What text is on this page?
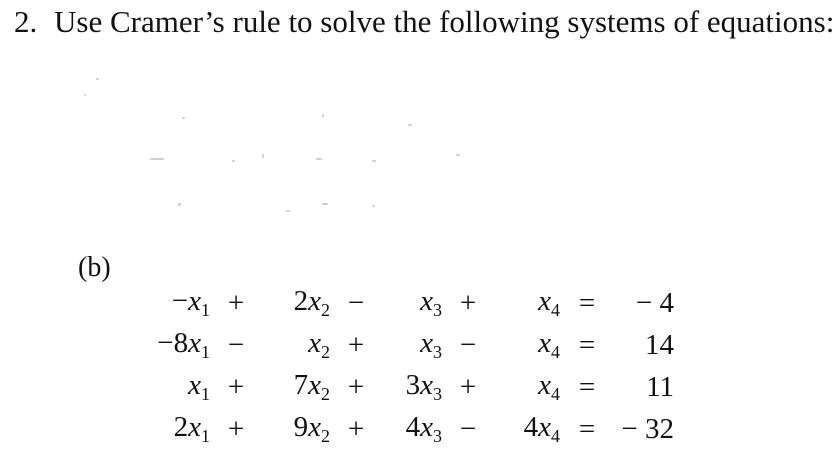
2. Use Cramer’s rule to solve the following systems of equations:
(b)
$-x_1$	+	$2x_2$	−	$x_3$	+	$x_4$	=	− 4
$-8x_1$	−	$x_2$	+	$x_3$	−	$x_4$	=	14
$x_1$	+	$7x_2$	+	$3x_3$	+	$x_4$	=	11
$2x_1$	+	$9x_2$	+	$4x_3$	−	$4x_4$	=	− 32
